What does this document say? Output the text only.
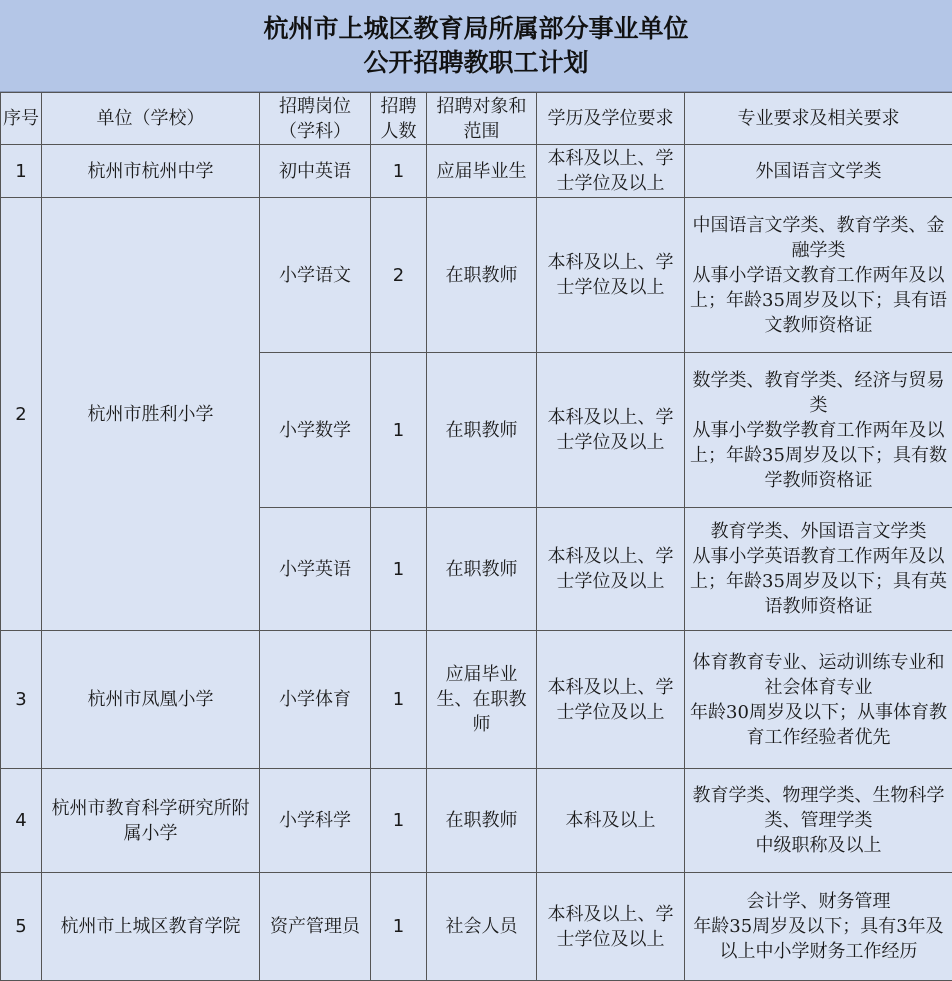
杭州市上城区教育局所属部分事业单位
公开招聘教职工计划
序号	单位（学校）	招聘岗位（学科）	招聘人数	招聘对象和范围	学历及学位要求	专业要求及相关要求
1	杭州市杭州中学	初中英语	1	应届毕业生	本科及以上、学士学位及以上	外国语言文学类

2	杭州市胜利小学	小学语文	2	在职教师	本科及以上、学士学位及以上	中国语言文学类、教育学类、金融学类
从事小学语文教育工作两年及以上；年龄35周岁及以下；具有语文教师资格证

		小学数学	1	在职教师	本科及以上、学士学位及以上	数学类、教育学类、经济与贸易类
从事小学数学教育工作两年及以上；年龄35周岁及以下；具有数学教师资格证

		小学英语	1	在职教师	本科及以上、学士学位及以上	教育学类、外国语言文学类
从事小学英语教育工作两年及以上；年龄35周岁及以下；具有英语教师资格证

3	杭州市凤凰小学	小学体育	1	应届毕业生、在职教师	本科及以上、学士学位及以上	体育教育专业、运动训练专业和社会体育专业
年龄30周岁及以下；从事体育教育工作经验者优先

4	杭州市教育科学研究所附属小学	小学科学	1	在职教师	本科及以上	教育学类、物理学类、生物科学类、管理学类
中级职称及以上

5	杭州市上城区教育学院	资产管理员	1	社会人员	本科及以上、学士学位及以上	会计学、财务管理
年龄35周岁及以下；具有3年及以上中小学财务工作经历
